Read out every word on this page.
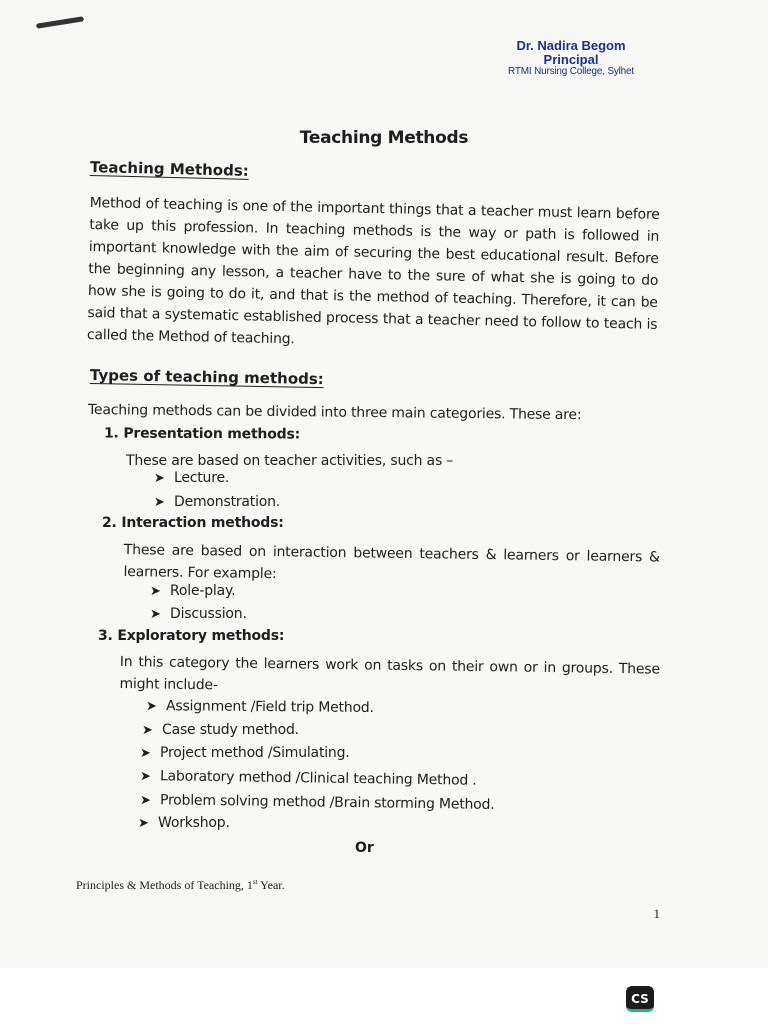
Dr. Nadira Begom
Principal
RTMI Nursing College, Sylhet
Teaching Methods
Teaching Methods:
Method of teaching is one of the important things that a teacher must learn before take up this profession. In teaching methods is the way or path is followed in important knowledge with the aim of securing the best educational result. Before the beginning any lesson, a teacher have to the sure of what she is going to do how she is going to do it, and that is the method of teaching. Therefore, it can be said that a systematic established process that a teacher need to follow to teach is called the Method of teaching.
Types of teaching methods:
Teaching methods can be divided into three main categories. These are:
1. Presentation methods:
These are based on teacher activities, such as –
➤ Lecture.
➤ Demonstration.
2. Interaction methods:
These are based on interaction between teachers & learners or learners & learners. For example:
➤ Role-play.
➤ Discussion.
3. Exploratory methods:
In this category the learners work on tasks on their own or in groups. These might include-
➤ Assignment /Field trip Method.
➤ Case study method.
➤ Project method /Simulating.
➤ Laboratory method /Clinical teaching Method .
➤ Problem solving method /Brain storming Method.
➤ Workshop.
Or
Principles & Methods of Teaching, 1st Year.
1
CS
